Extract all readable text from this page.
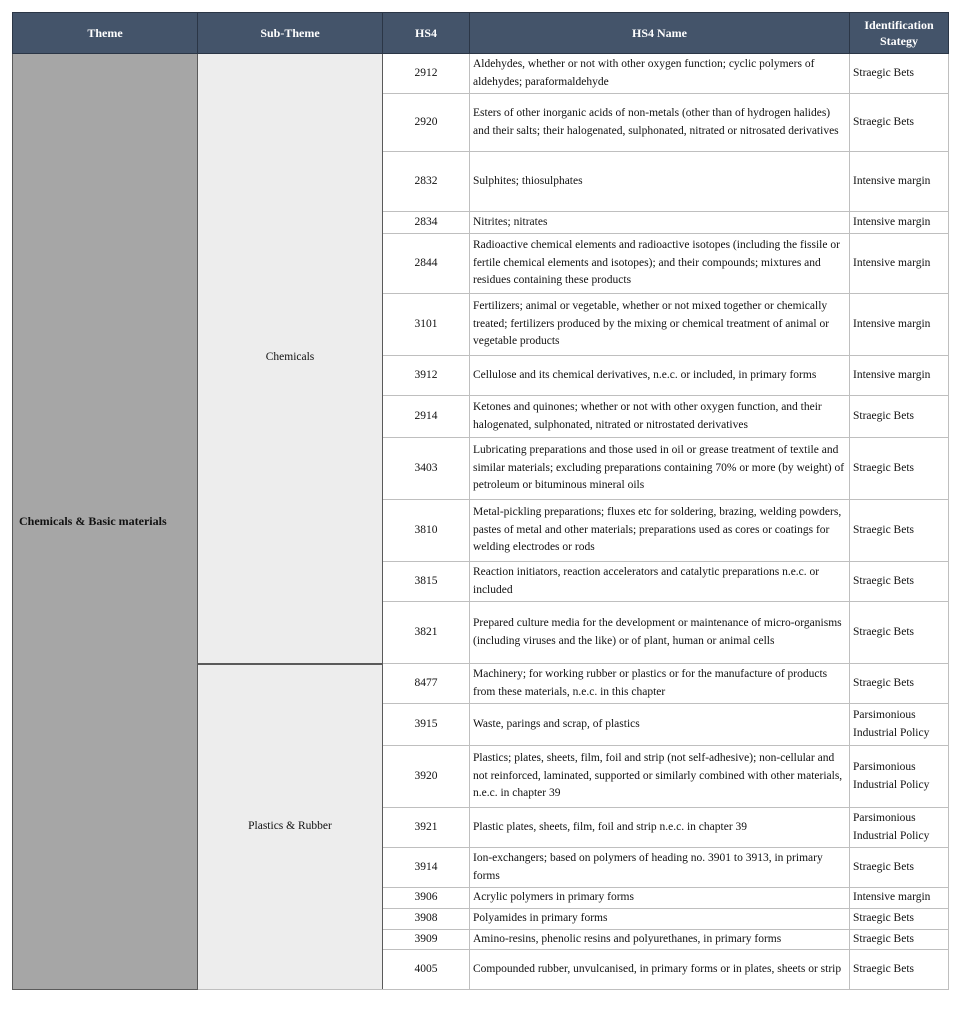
Theme	Sub-Theme	HS4	HS4 Name	Identification Stategy
Chemicals & Basic materials	Chemicals	2912	Aldehydes, whether or not with other oxygen function; cyclic polymers of aldehydes; paraformaldehyde	Straegic Bets
		2920	Esters of other inorganic acids of non-metals (other than of hydrogen halides) and their salts; their halogenated, sulphonated, nitrated or nitrosated derivatives	Straegic Bets
		2832	Sulphites; thiosulphates	Intensive margin
		2834	Nitrites; nitrates	Intensive margin
		2844	Radioactive chemical elements and radioactive isotopes (including the fissile or fertile chemical elements and isotopes); and their compounds; mixtures and residues containing these products	Intensive margin
		3101	Fertilizers; animal or vegetable, whether or not mixed together or chemically treated; fertilizers produced by the mixing or chemical treatment of animal or vegetable products	Intensive margin
		3912	Cellulose and its chemical derivatives, n.e.c. or included, in primary forms	Intensive margin
		2914	Ketones and quinones; whether or not with other oxygen function, and their halogenated, sulphonated, nitrated or nitrostated derivatives	Straegic Bets
		3403	Lubricating preparations and those used in oil or grease treatment of textile and similar materials; excluding preparations containing 70% or more (by weight) of petroleum or bituminous mineral oils	Straegic Bets
		3810	Metal-pickling preparations; fluxes etc for soldering, brazing, welding powders, pastes of metal and other materials; preparations used as cores or coatings for welding electrodes or rods	Straegic Bets
		3815	Reaction initiators, reaction accelerators and catalytic preparations n.e.c. or included	Straegic Bets
		3821	Prepared culture media for the development or maintenance of micro-organisms (including viruses and the like) or of plant, human or animal cells	Straegic Bets
	Plastics & Rubber	8477	Machinery; for working rubber or plastics or for the manufacture of products from these materials, n.e.c. in this chapter	Straegic Bets
		3915	Waste, parings and scrap, of plastics	Parsimonious Industrial Policy
		3920	Plastics; plates, sheets, film, foil and strip (not self-adhesive); non-cellular and not reinforced, laminated, supported or similarly combined with other materials, n.e.c. in chapter 39	Parsimonious Industrial Policy
		3921	Plastic plates, sheets, film, foil and strip n.e.c. in chapter 39	Parsimonious Industrial Policy
		3914	Ion-exchangers; based on polymers of heading no. 3901 to 3913, in primary forms	Straegic Bets
		3906	Acrylic polymers in primary forms	Intensive margin
		3908	Polyamides in primary forms	Straegic Bets
		3909	Amino-resins, phenolic resins and polyurethanes, in primary forms	Straegic Bets
		4005	Compounded rubber, unvulcanised, in primary forms or in plates, sheets or strip	Straegic Bets
